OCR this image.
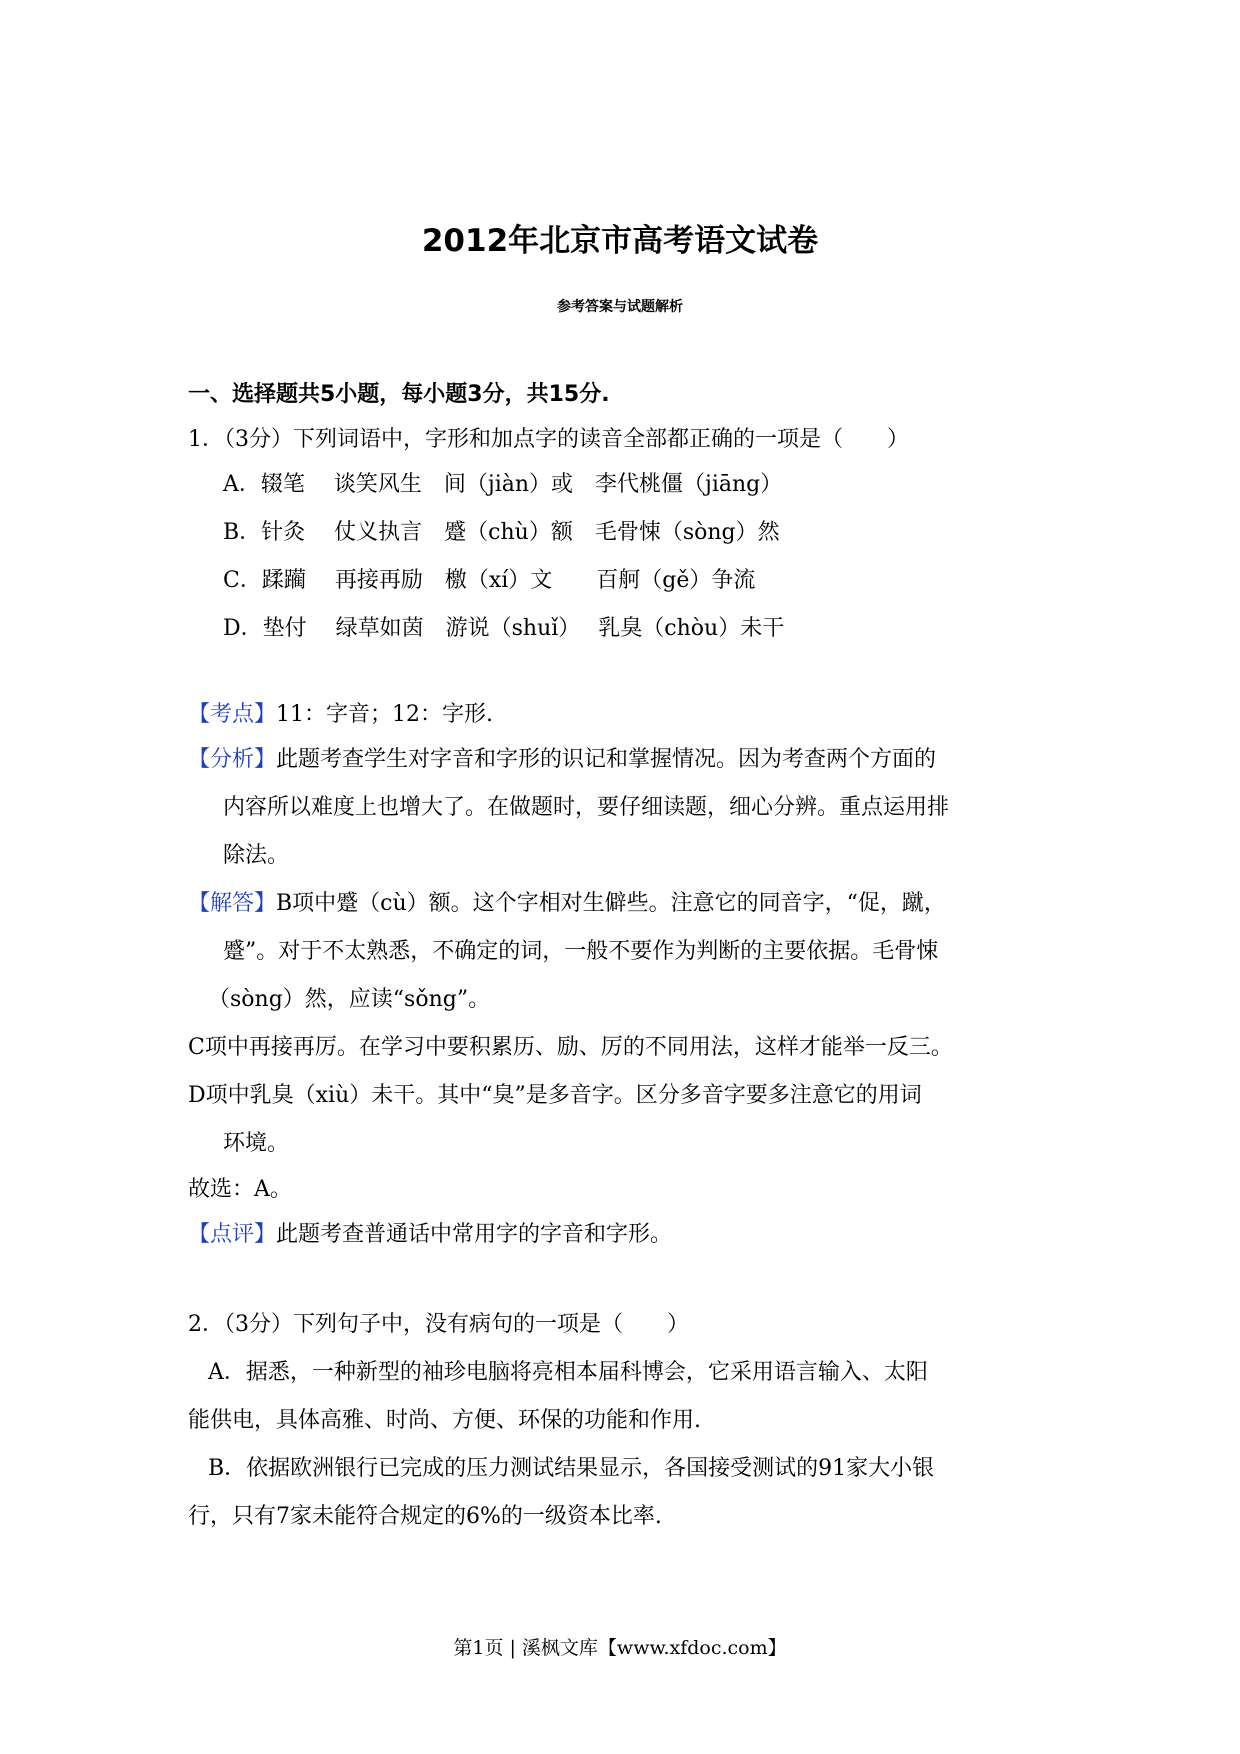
2012年北京市高考语文试卷
参考答案与试题解析
一、选择题共5小题，每小题3分，共15分.
1．（3分）下列词语中，字形和加点字的读音全部都正确的一项是（　　）
A．辍笔　 谈笑风生　间（jiàn）或　李代桃僵（jiāng）
B．针灸　 仗义执言　蹙（chù）额　毛骨悚（sòng）然
C．蹂躏　 再接再励　檄（xí）文　　百舸（gě）争流
D．垫付　 绿草如茵　游说（shuǐ）　 乳臭（chòu）未干
【考点】11：字音；12：字形.
【分析】此题考查学生对字音和字形的识记和掌握情况。因为考查两个方面的
内容所以难度上也增大了。在做题时，要仔细读题，细心分辨。重点运用排
除法。
【解答】B项中蹙（cù）额。这个字相对生僻些。注意它的同音字，“促，蹴，
蹙”。对于不太熟悉，不确定的词，一般不要作为判断的主要依据。毛骨悚
（sòng）然，应读“sǒng”。
C项中再接再厉。在学习中要积累历、励、厉的不同用法，这样才能举一反三。
D项中乳臭（xiù）未干。其中“臭”是多音字。区分多音字要多注意它的用词
环境。
故选：A。
【点评】此题考查普通话中常用字的字音和字形。
2．（3分）下列句子中，没有病句的一项是（　　）
A．据悉，一种新型的袖珍电脑将亮相本届科博会，它采用语言输入、太阳
能供电，具体高雅、时尚、方便、环保的功能和作用.
B．依据欧洲银行已完成的压力测试结果显示，各国接受测试的91家大小银
行，只有7家未能符合规定的6%的一级资本比率.
第1页 | 溪枫文库【www.xfdoc.com】
